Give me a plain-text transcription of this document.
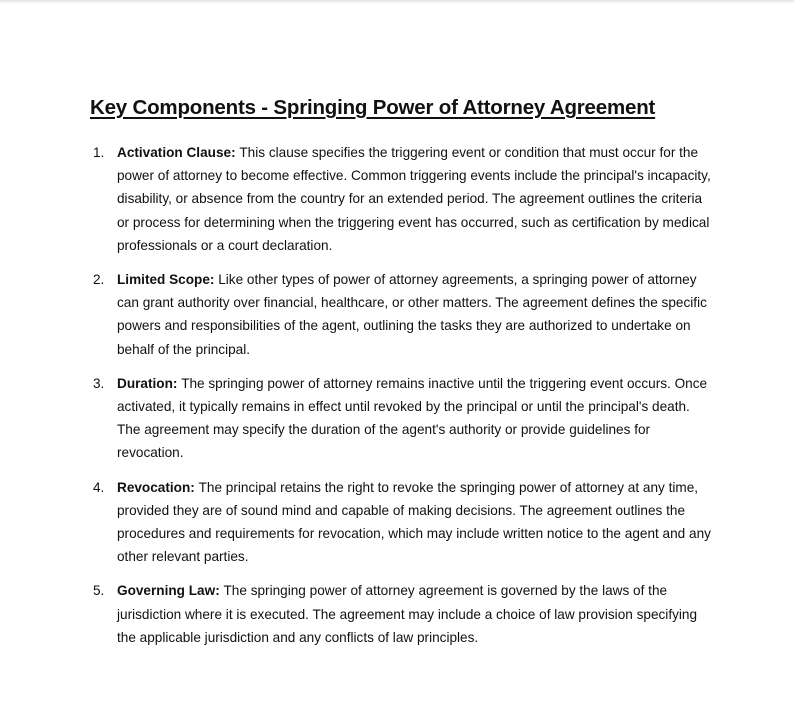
Key Components - Springing Power of Attorney Agreement
1. Activation Clause: This clause specifies the triggering event or condition that must occur for the power of attorney to become effective. Common triggering events include the principal's incapacity, disability, or absence from the country for an extended period. The agreement outlines the criteria or process for determining when the triggering event has occurred, such as certification by medical professionals or a court declaration.
2. Limited Scope: Like other types of power of attorney agreements, a springing power of attorney can grant authority over financial, healthcare, or other matters. The agreement defines the specific powers and responsibilities of the agent, outlining the tasks they are authorized to undertake on behalf of the principal.
3. Duration: The springing power of attorney remains inactive until the triggering event occurs. Once activated, it typically remains in effect until revoked by the principal or until the principal's death. The agreement may specify the duration of the agent's authority or provide guidelines for revocation.
4. Revocation: The principal retains the right to revoke the springing power of attorney at any time, provided they are of sound mind and capable of making decisions. The agreement outlines the procedures and requirements for revocation, which may include written notice to the agent and any other relevant parties.
5. Governing Law: The springing power of attorney agreement is governed by the laws of the jurisdiction where it is executed. The agreement may include a choice of law provision specifying the applicable jurisdiction and any conflicts of law principles.
